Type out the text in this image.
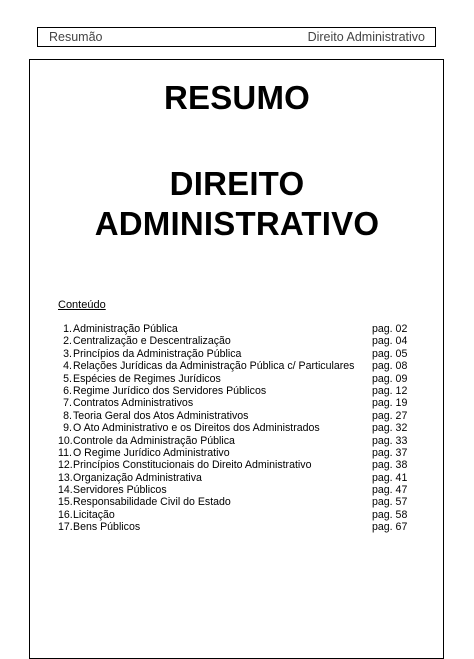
Resumão	Direito Administrativo
RESUMO
DIREITO
ADMINISTRATIVO
Conteúdo
1. Administração Pública	pag. 02
2. Centralização e Descentralização	pag. 04
3. Princípios da Administração Pública	pag. 05
4. Relações Jurídicas da Administração Pública c/ Particulares pag. 08
5. Espécies de Regimes Jurídicos	pag. 09
6. Regime Jurídico dos Servidores Públicos	pag. 12
7. Contratos Administrativos	pag. 19
8. Teoria Geral dos Atos Administrativos	pag. 27
9. O Ato Administrativo e os Direitos dos Administrados	pag. 32
10. Controle da Administração Pública	pag. 33
11. O Regime Jurídico Administrativo	pag. 37
12. Princípios Constitucionais do Direito Administrativo	pag. 38
13. Organização Administrativa	pag. 41
14. Servidores Públicos	pag. 47
15. Responsabilidade Civil do Estado	pag. 57
16. Licitação	pag. 58
17. Bens Públicos	pag. 67
